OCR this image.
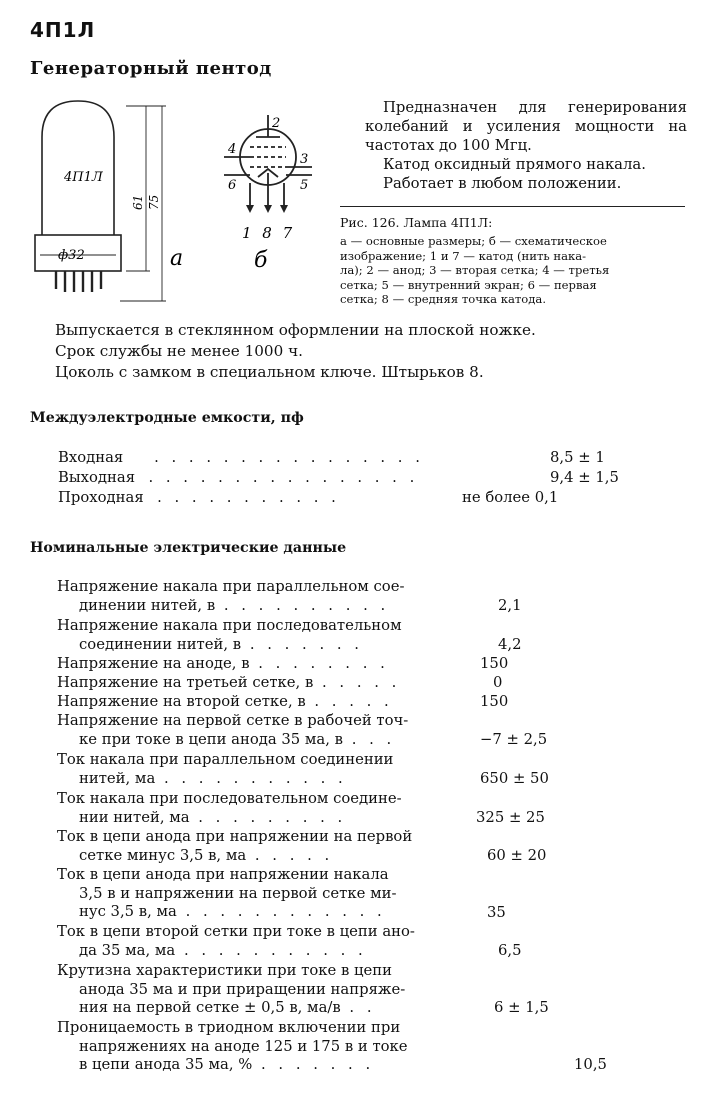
4П1Л
Генераторный пентод
4П1Л
ф32
61 75
а
2
4
6
3
5
1 8 7
б

Предназначен для генерирования колебаний и усиления мощности на частотах до 100 Мгц.

Катод оксидный прямого накала.

Работает в любом положении.

Рис. 126. Лампа 4П1Л:
а — основные размеры; б — схематическое
изображение; 1 и 7 — катод (нить нака-
ла); 2 — анод; 3 — вторая сетка; 4 — третья
сетка; 5 — внутренний экран; 6 — первая
сетка; 8 — средняя точка катода.
Выпускается в стеклянном оформлении на плоской ножке.
Срок службы не менее 1000 ч.
Цоколь с замком в специальном ключе. Штырьков 8.
Междуэлектродные емкости, пф
Входная    . . . . . . . . . . . . . . . .	8,5 ± 1
Выходная  . . . . . . . . . . . . . . . .	9,4 ± 1,5
Проходная  . . . . . . . . . . .	не более 0,1
Номинальные электрические данные
Напряжение накала при параллельном сое-
динении нитей, в . . . . . . . . . .	2,1
Напряжение накала при последовательном
соединении нитей, в . . . . . . .	4,2
Напряжение на аноде, в . . . . . . . .	150
Напряжение на третьей сетке, в . . . . .	0
Напряжение на второй сетке, в . . . . .	150
Напряжение на первой сетке в рабочей точ-
ке при токе в цепи анода 35 ма, в . . .	−7 ± 2,5
Ток накала при параллельном соединении
нитей, ма . . . . . . . . . . .	650 ± 50
Ток накала при последовательном соедине-
нии нитей, ма . . . . . . . . .	325 ± 25
Ток в цепи анода при напряжении на первой
сетке минус 3,5 в, ма . . . . .	60 ± 20
Ток в цепи анода при напряжении накала
3,5 в и напряжении на первой сетке ми-
нус 3,5 в, ма . . . . . . . . . . . .	35
Ток в цепи второй сетки при токе в цепи ано-
да 35 ма, ма . . . . . . . . . . .	6,5
Крутизна характеристики при токе в цепи
анода 35 ма и при приращении напряже-
ния на первой сетке ± 0,5 в, ма/в . .	6 ± 1,5
Проницаемость в триодном включении при
напряжениях на аноде 125 и 175 в и токе
в цепи анода 35 ма, % . . . . . . .	10,5
